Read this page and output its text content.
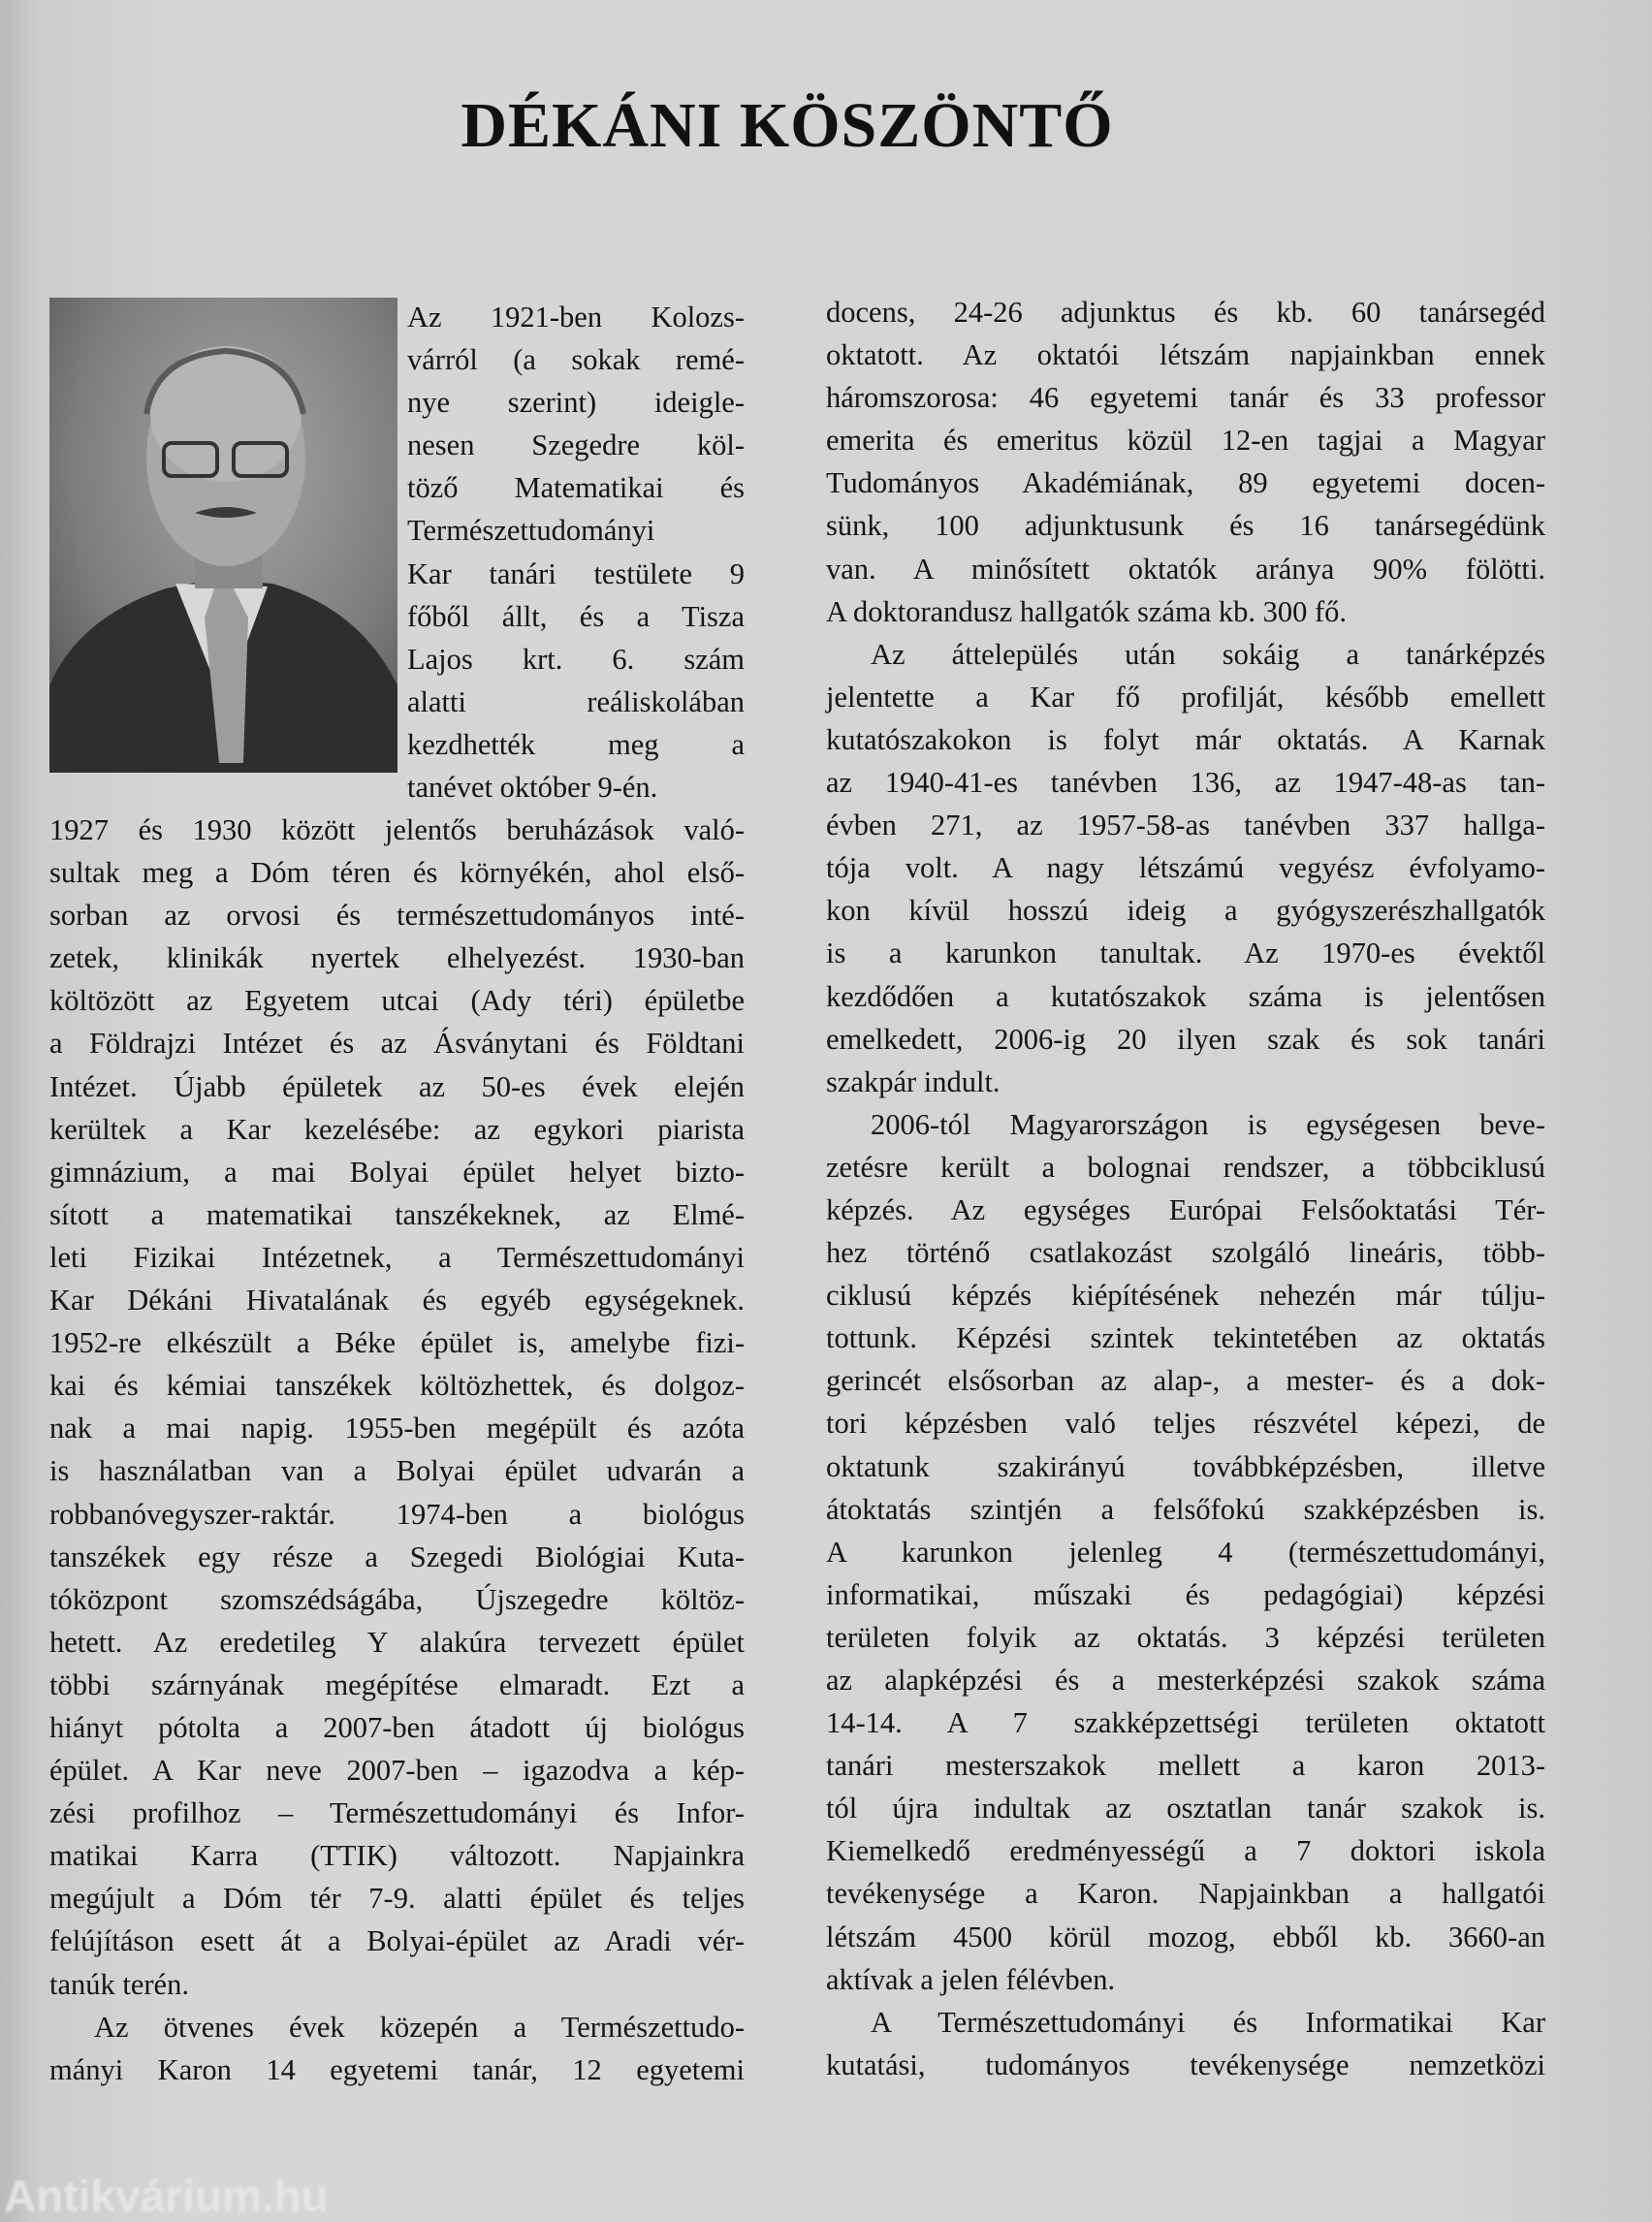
DÉKÁNI KÖSZÖNTŐ
Az 1921-ben Kolozs-
várról (a sokak remé-
nye szerint) ideigle-
nesen Szegedre köl-
töző Matematikai és
Természettudományi
Kar tanári testülete 9
főből állt, és a Tisza
Lajos krt. 6. szám
alatti reáliskolában
kezdhették meg a
tanévet október 9-én.
1927 és 1930 között jelentős beruházások való-
sultak meg a Dóm téren és környékén, ahol első-
sorban az orvosi és természettudományos inté-
zetek, klinikák nyertek elhelyezést. 1930-ban
költözött az Egyetem utcai (Ady téri) épületbe
a Földrajzi Intézet és az Ásványtani és Földtani
Intézet. Újabb épületek az 50-es évek elején
kerültek a Kar kezelésébe: az egykori piarista
gimnázium, a mai Bolyai épület helyet bizto-
sított a matematikai tanszékeknek, az Elmé-
leti Fizikai Intézetnek, a Természettudományi
Kar Dékáni Hivatalának és egyéb egységeknek.
1952-re elkészült a Béke épület is, amelybe fizi-
kai és kémiai tanszékek költözhettek, és dolgoz-
nak a mai napig. 1955-ben megépült és azóta
is használatban van a Bolyai épület udvarán a
robbanóvegyszer-raktár. 1974-ben a biológus
tanszékek egy része a Szegedi Biológiai Kuta-
tóközpont szomszédságába, Újszegedre költöz-
hetett. Az eredetileg Y alakúra tervezett épület
többi szárnyának megépítése elmaradt. Ezt a
hiányt pótolta a 2007-ben átadott új biológus
épület. A Kar neve 2007-ben – igazodva a kép-
zési profilhoz – Természettudományi és Infor-
matikai Karra (TTIK) változott. Napjainkra
megújult a Dóm tér 7-9. alatti épület és teljes
felújításon esett át a Bolyai-épület az Aradi vér-
tanúk terén.
Az ötvenes évek közepén a Természettudo-
mányi Karon 14 egyetemi tanár, 12 egyetemi
docens, 24-26 adjunktus és kb. 60 tanársegéd
oktatott. Az oktatói létszám napjainkban ennek
háromszorosa: 46 egyetemi tanár és 33 professor
emerita és emeritus közül 12-en tagjai a Magyar
Tudományos Akadémiának, 89 egyetemi docen-
sünk, 100 adjunktusunk és 16 tanársegédünk
van. A minősített oktatók aránya 90% fölötti.
A doktorandusz hallgatók száma kb. 300 fő.
Az áttelepülés után sokáig a tanárképzés
jelentette a Kar fő profilját, később emellett
kutatószakokon is folyt már oktatás. A Karnak
az 1940-41-es tanévben 136, az 1947-48-as tan-
évben 271, az 1957-58-as tanévben 337 hallga-
tója volt. A nagy létszámú vegyész évfolyamo-
kon kívül hosszú ideig a gyógyszerészhallgatók
is a karunkon tanultak. Az 1970-es évektől
kezdődően a kutatószakok száma is jelentősen
emelkedett, 2006-ig 20 ilyen szak és sok tanári
szakpár indult.
2006-tól Magyarországon is egységesen beve-
zetésre került a bolognai rendszer, a többciklusú
képzés. Az egységes Európai Felsőoktatási Tér-
hez történő csatlakozást szolgáló lineáris, több-
ciklusú képzés kiépítésének nehezén már túlju-
tottunk. Képzési szintek tekintetében az oktatás
gerincét elsősorban az alap-, a mester- és a dok-
tori képzésben való teljes részvétel képezi, de
oktatunk szakirányú továbbképzésben, illetve
átoktatás szintjén a felsőfokú szakképzésben is.
A karunkon jelenleg 4 (természettudományi,
informatikai, műszaki és pedagógiai) képzési
területen folyik az oktatás. 3 képzési területen
az alapképzési és a mesterképzési szakok száma
14-14. A 7 szakképzettségi területen oktatott
tanári mesterszakok mellett a karon 2013-
tól újra indultak az osztatlan tanár szakok is.
Kiemelkedő eredményességű a 7 doktori iskola
tevékenysége a Karon. Napjainkban a hallgatói
létszám 4500 körül mozog, ebből kb. 3660-an
aktívak a jelen félévben.
A Természettudományi és Informatikai Kar
kutatási, tudományos tevékenysége nemzetközi
Antikvárium.hu
